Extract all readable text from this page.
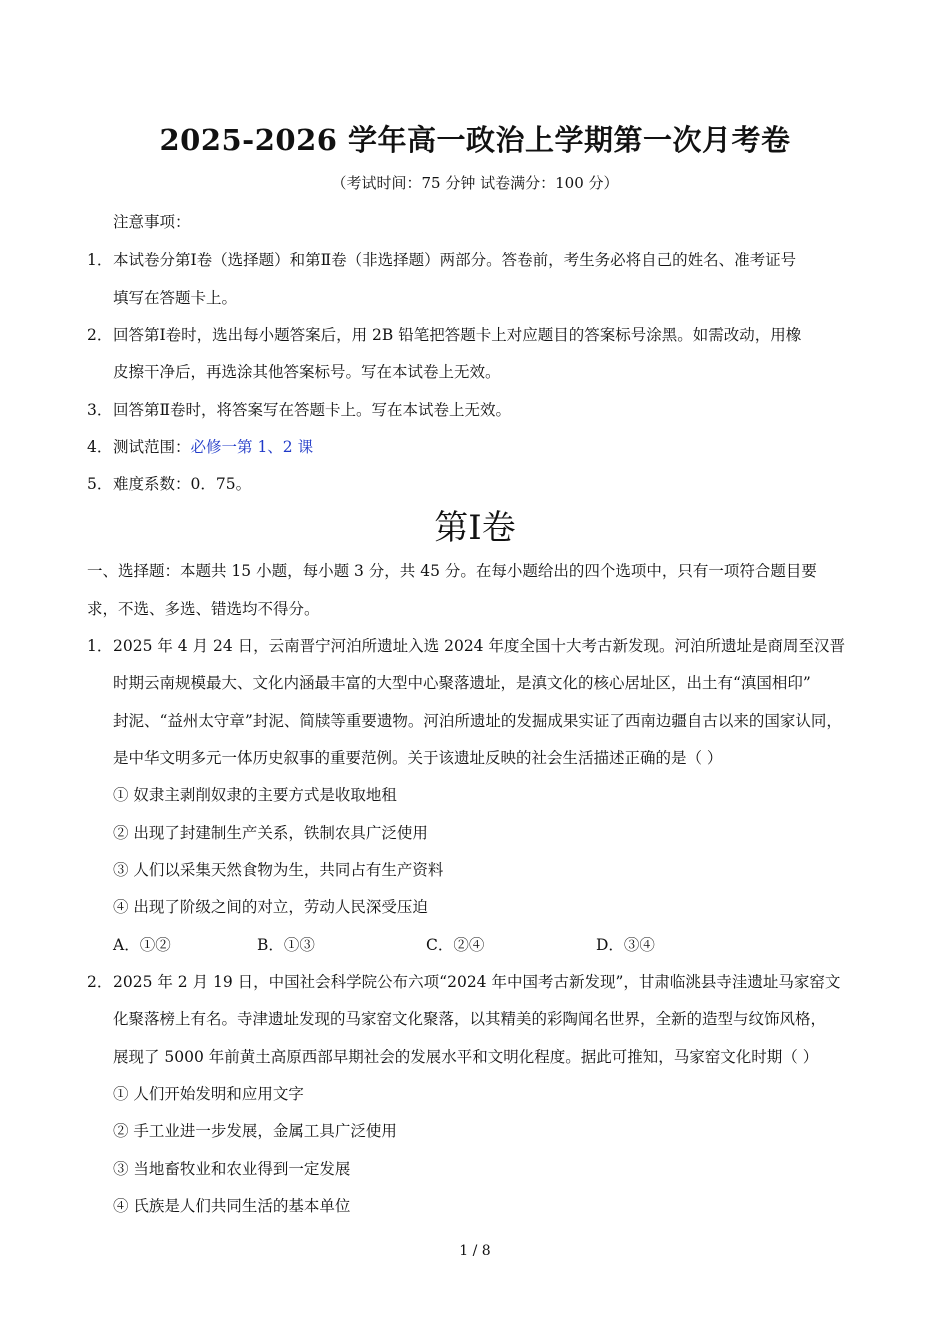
2025-2026 学年高一政治上学期第一次月考卷
（考试时间：75 分钟 试卷满分：100 分）
注意事项：
1．本试卷分第Ⅰ卷（选择题）和第Ⅱ卷（非选择题）两部分。答卷前，考生务必将自己的姓名、准考证号
填写在答题卡上。
2．回答第Ⅰ卷时，选出每小题答案后，用 2B 铅笔把答题卡上对应题目的答案标号涂黑。如需改动，用橡
皮擦干净后，再选涂其他答案标号。写在本试卷上无效。
3．回答第Ⅱ卷时，将答案写在答题卡上。写在本试卷上无效。
4．测试范围：必修一第 1、2 课
5．难度系数：0．75。
第Ⅰ卷
一、选择题：本题共 15 小题，每小题 3 分，共 45 分。在每小题给出的四个选项中，只有一项符合题目要
求，不选、多选、错选均不得分。
1．2025 年 4 月 24 日，云南晋宁河泊所遗址入选 2024 年度全国十大考古新发现。河泊所遗址是商周至汉晋
时期云南规模最大、文化内涵最丰富的大型中心聚落遗址，是滇文化的核心居址区，出土有“滇国相印”
封泥、“益州太守章”封泥、简牍等重要遗物。河泊所遗址的发掘成果实证了西南边疆自古以来的国家认同，
是中华文明多元一体历史叙事的重要范例。关于该遗址反映的社会生活描述正确的是（ ）
① 奴隶主剥削奴隶的主要方式是收取地租
② 出现了封建制生产关系，铁制农具广泛使用
③ 人们以采集天然食物为生，共同占有生产资料
④ 出现了阶级之间的对立，劳动人民深受压迫
A．①②	B．①③	C．②④	D．③④
2．2025 年 2 月 19 日，中国社会科学院公布六项“2024 年中国考古新发现”，甘肃临洮县寺洼遗址马家窑文
化聚落榜上有名。寺津遗址发现的马家窑文化聚落，以其精美的彩陶闻名世界，全新的造型与纹饰风格，
展现了 5000 年前黄土高原西部早期社会的发展水平和文明化程度。据此可推知，马家窑文化时期（ ）
① 人们开始发明和应用文字
② 手工业进一步发展，金属工具广泛使用
③ 当地畜牧业和农业得到一定发展
④ 氏族是人们共同生活的基本单位
1 / 8
